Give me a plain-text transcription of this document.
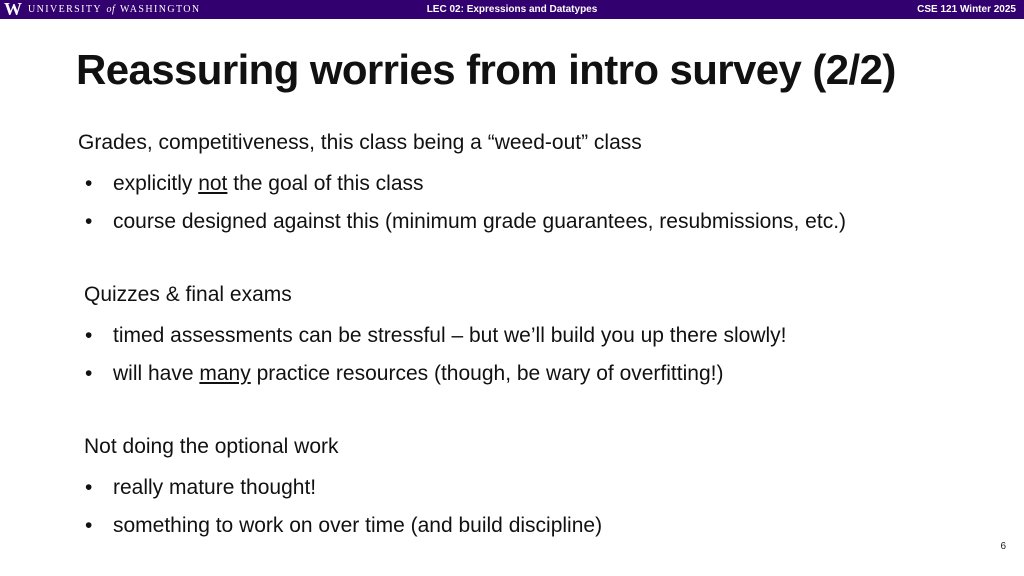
W UNIVERSITY of WASHINGTON	LEC 02: Expressions and Datatypes	CSE 121 Winter 2025
Reassuring worries from intro survey (2/2)
Grades, competitiveness, this class being a “weed-out” class
• explicitly not the goal of this class
• course designed against this (minimum grade guarantees, resubmissions, etc.)
Quizzes & final exams
• timed assessments can be stressful – but we’ll build you up there slowly!
• will have many practice resources (though, be wary of overfitting!)
Not doing the optional work
• really mature thought!
• something to work on over time (and build discipline)
6
